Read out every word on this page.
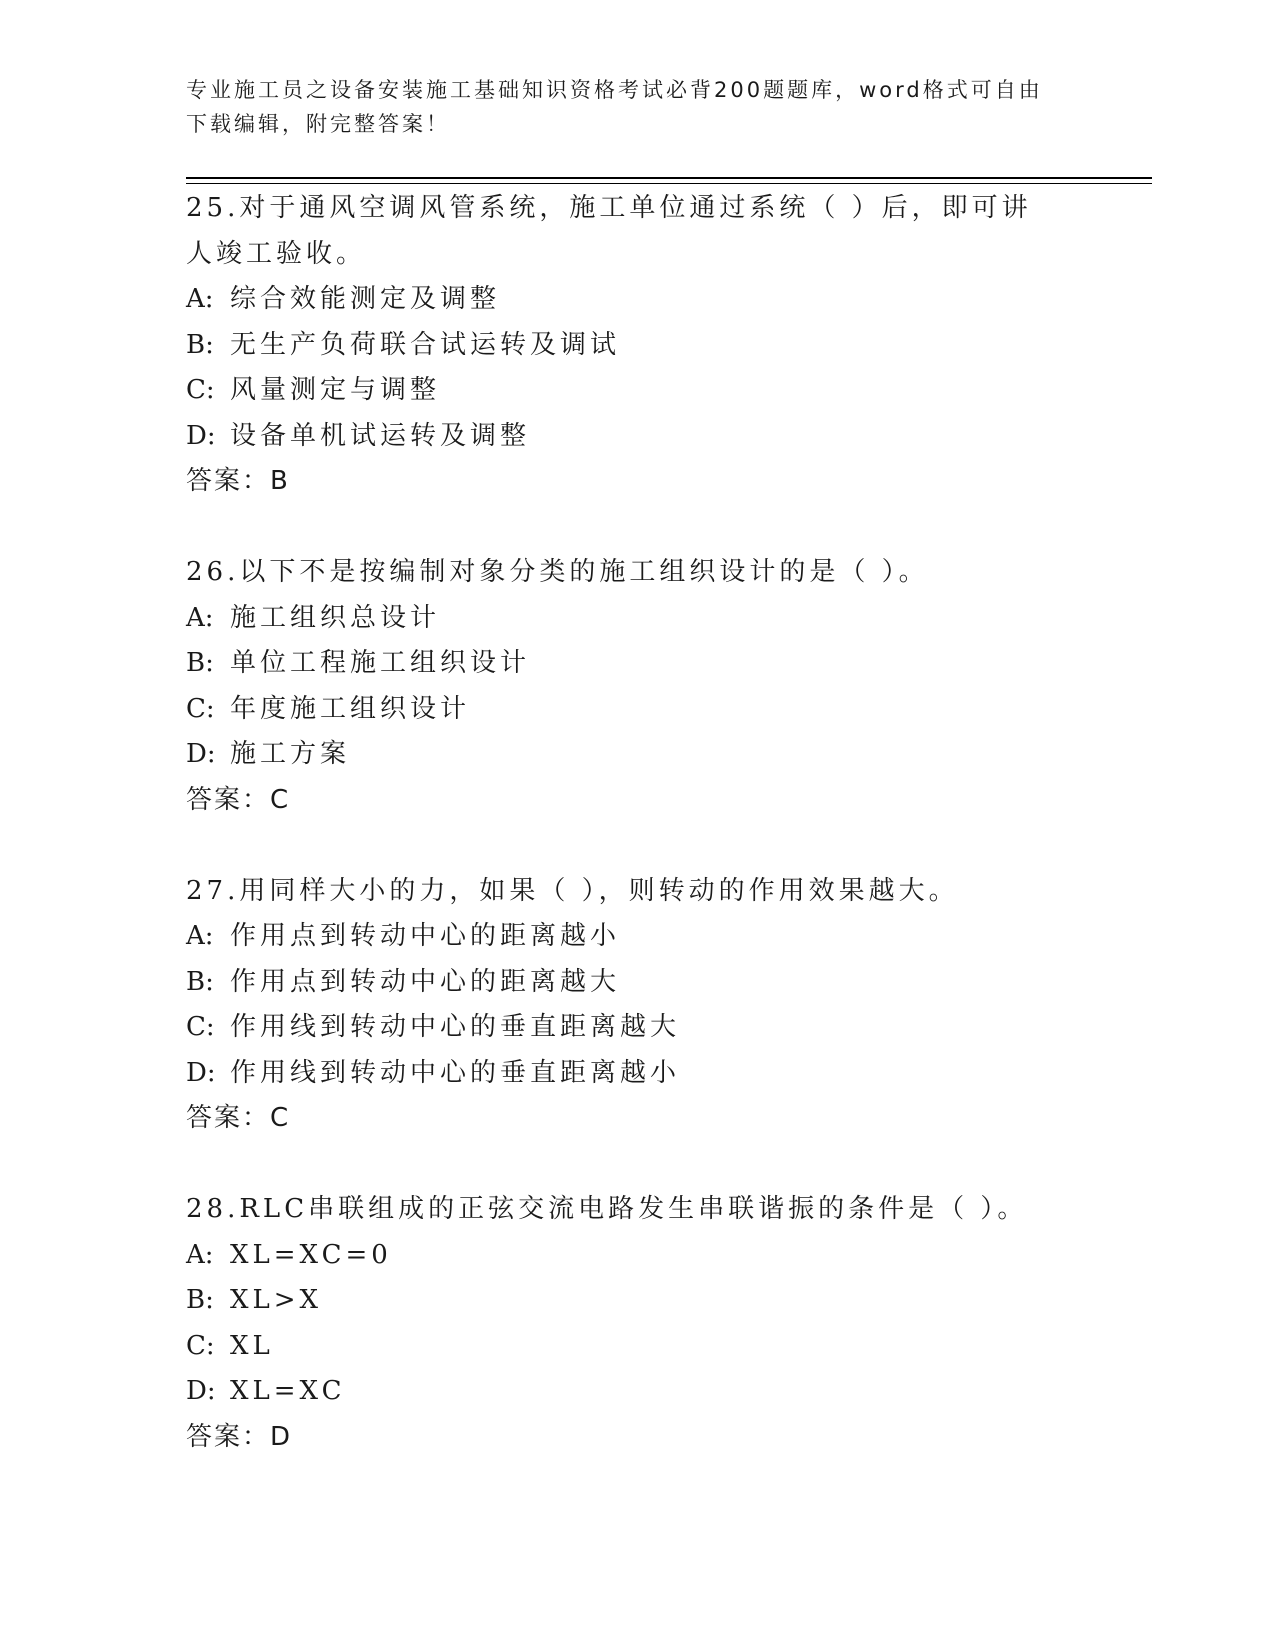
专业施工员之设备安装施工基础知识资格考试必背200题题库，word格式可自由下载编辑，附完整答案！
25.对于通风空调风管系统，施工单位通过系统（ ）后，即可讲人竣工验收。
A: 综合效能测定及调整
B: 无生产负荷联合试运转及调试
C: 风量测定与调整
D: 设备单机试运转及调整
答案：B
26.以下不是按编制对象分类的施工组织设计的是（ ）。
A: 施工组织总设计
B: 单位工程施工组织设计
C: 年度施工组织设计
D: 施工方案
答案：C
27.用同样大小的力，如果（ ），则转动的作用效果越大。
A: 作用点到转动中心的距离越小
B: 作用点到转动中心的距离越大
C: 作用线到转动中心的垂直距离越大
D: 作用线到转动中心的垂直距离越小
答案：C
28.RLC串联组成的正弦交流电路发生串联谐振的条件是（ ）。
A: XL=XC=0
B: XL>X
C: XL
D: XL=XC
答案：D
